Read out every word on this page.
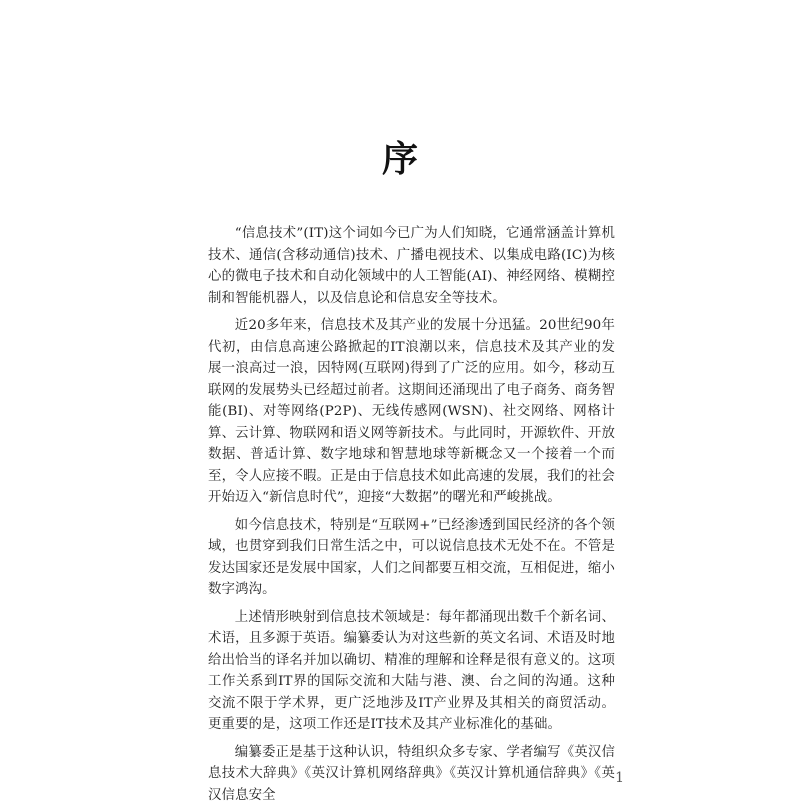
序

“信息技术”(IT)这个词如今已广为人们知晓，它通常涵盖计算机技术、通信(含移动通信)技术、广播电视技术、以集成电路(IC)为核心的微电子技术和自动化领域中的人工智能(AI)、神经网络、模糊控制和智能机器人，以及信息论和信息安全等技术。

近20多年来，信息技术及其产业的发展十分迅猛。20世纪90年代初，由信息高速公路掀起的IT浪潮以来，信息技术及其产业的发展一浪高过一浪，因特网(互联网)得到了广泛的应用。如今，移动互联网的发展势头已经超过前者。这期间还涌现出了电子商务、商务智能(BI)、对等网络(P2P)、无线传感网(WSN)、社交网络、网格计算、云计算、物联网和语义网等新技术。与此同时，开源软件、开放数据、普适计算、数字地球和智慧地球等新概念又一个接着一个而至，令人应接不暇。正是由于信息技术如此高速的发展，我们的社会开始迈入“新信息时代”，迎接“大数据”的曙光和严峻挑战。

如今信息技术，特别是“互联网+”已经渗透到国民经济的各个领域，也贯穿到我们日常生活之中，可以说信息技术无处不在。不管是发达国家还是发展中国家，人们之间都要互相交流，互相促进，缩小数字鸿沟。

上述情形映射到信息技术领域是：每年都涌现出数千个新名词、术语，且多源于英语。编纂委认为对这些新的英文名词、术语及时地给出恰当的译名并加以确切、精准的理解和诠释是很有意义的。这项工作关系到IT界的国际交流和大陆与港、澳、台之间的沟通。这种交流不限于学术界，更广泛地涉及IT产业界及其相关的商贸活动。更重要的是，这项工作还是IT技术及其产业标准化的基础。

编纂委正是基于这种认识，特组织众多专家、学者编写《英汉信息技术大辞典》《英汉计算机网络辞典》《英汉计算机通信辞典》《英汉信息安全

1
